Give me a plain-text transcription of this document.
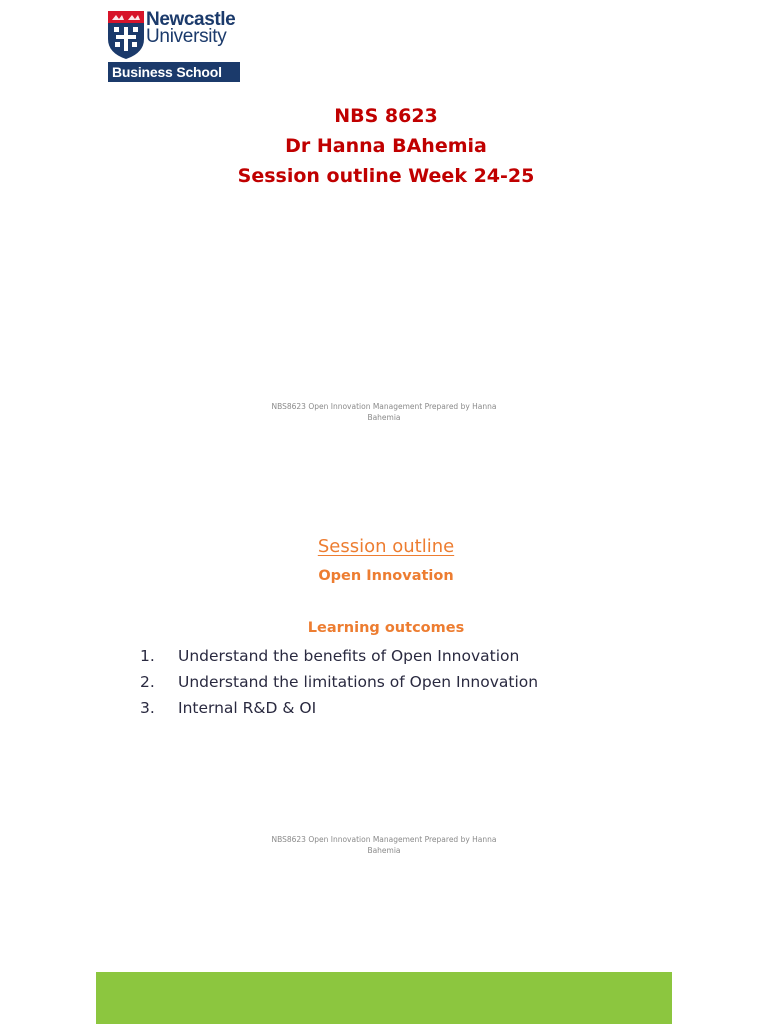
Newcastle
University
Business School
NBS 8623
Dr Hanna BAhemia
Session outline Week 24-25
NBS8623 Open Innovation Management Prepared by Hanna
Bahemia
Session outline
Open Innovation
Learning outcomes
1. Understand the benefits of Open Innovation
2. Understand the limitations of Open Innovation
3. Internal R&D & OI
NBS8623 Open Innovation Management Prepared by Hanna
Bahemia
